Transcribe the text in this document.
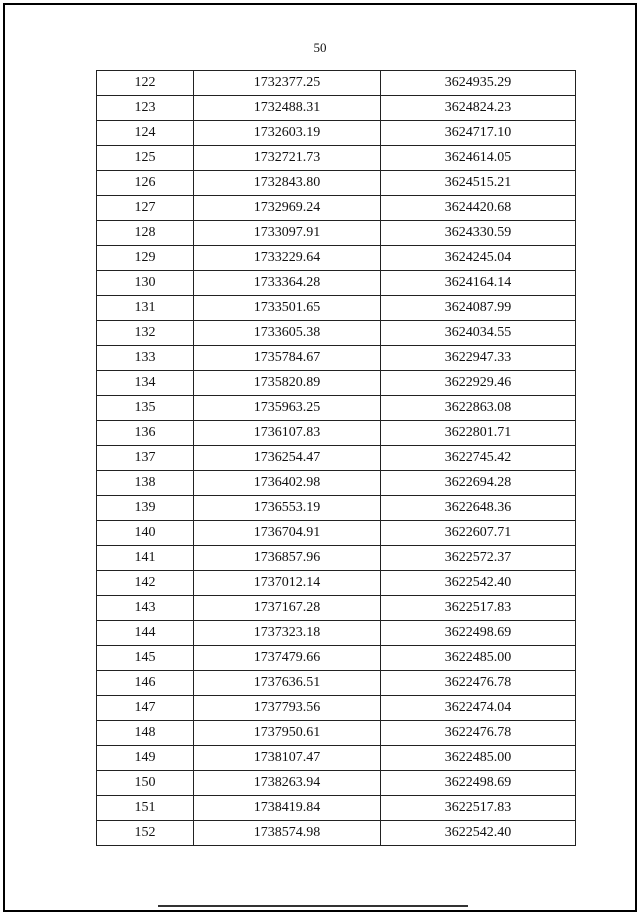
50
122	1732377.25	3624935.29
123	1732488.31	3624824.23
124	1732603.19	3624717.10
125	1732721.73	3624614.05
126	1732843.80	3624515.21
127	1732969.24	3624420.68
128	1733097.91	3624330.59
129	1733229.64	3624245.04
130	1733364.28	3624164.14
131	1733501.65	3624087.99
132	1733605.38	3624034.55
133	1735784.67	3622947.33
134	1735820.89	3622929.46
135	1735963.25	3622863.08
136	1736107.83	3622801.71
137	1736254.47	3622745.42
138	1736402.98	3622694.28
139	1736553.19	3622648.36
140	1736704.91	3622607.71
141	1736857.96	3622572.37
142	1737012.14	3622542.40
143	1737167.28	3622517.83
144	1737323.18	3622498.69
145	1737479.66	3622485.00
146	1737636.51	3622476.78
147	1737793.56	3622474.04
148	1737950.61	3622476.78
149	1738107.47	3622485.00
150	1738263.94	3622498.69
151	1738419.84	3622517.83
152	1738574.98	3622542.40
